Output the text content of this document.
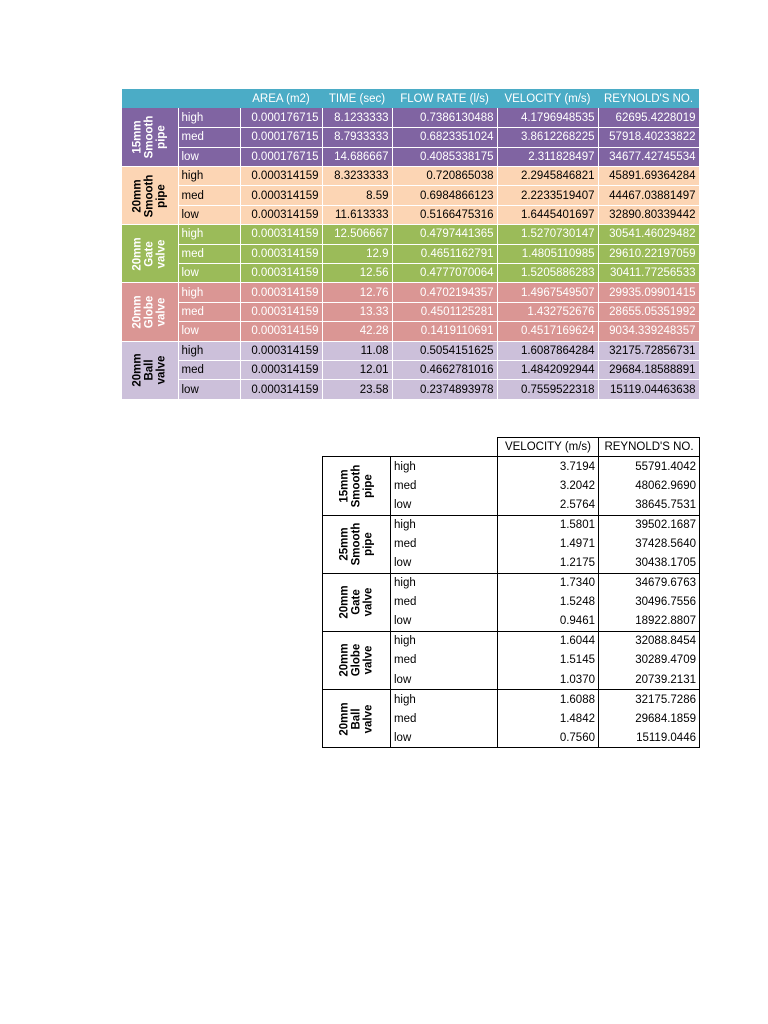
		AREA (m2)	TIME (sec)	FLOW RATE (l/s)	VELOCITY (m/s)	REYNOLD'S NO.
15mm
Smooth
pipe	high	0.000176715	8.1233333	0.7386130488	4.1796948535	62695.4228019
	med	0.000176715	8.7933333	0.6823351024	3.8612268225	57918.40233822
	low	0.000176715	14.686667	0.4085338175	2.311828497	34677.42745534
20mm
Smooth
pipe	high	0.000314159	8.3233333	0.720865038	2.2945846821	45891.69364284
	med	0.000314159	8.59	0.6984866123	2.2233519407	44467.03881497
	low	0.000314159	11.613333	0.5166475316	1.6445401697	32890.80339442
20mm
Gate
valve	high	0.000314159	12.506667	0.4797441365	1.5270730147	30541.46029482
	med	0.000314159	12.9	0.4651162791	1.4805110985	29610.22197059
	low	0.000314159	12.56	0.4777070064	1.5205886283	30411.77256533
20mm
Globe
valve	high	0.000314159	12.76	0.4702194357	1.4967549507	29935.09901415
	med	0.000314159	13.33	0.4501125281	1.432752676	28655.05351992
	low	0.000314159	42.28	0.1419110691	0.4517169624	9034.339248357
20mm
Ball
valve	high	0.000314159	11.08	0.5054151625	1.6087864284	32175.72856731
	med	0.000314159	12.01	0.4662781016	1.4842092944	29684.18588891
	low	0.000314159	23.58	0.2374893978	0.7559522318	15119.04463638
		VELOCITY (m/s)	REYNOLD'S NO.
15mm
Smooth
pipe	high	3.7194	55791.4042
	med	3.2042	48062.9690
	low	2.5764	38645.7531
25mm
Smooth
pipe	high	1.5801	39502.1687
	med	1.4971	37428.5640
	low	1.2175	30438.1705
20mm
Gate
valve	high	1.7340	34679.6763
	med	1.5248	30496.7556
	low	0.9461	18922.8807
20mm
Globe
valve	high	1.6044	32088.8454
	med	1.5145	30289.4709
	low	1.0370	20739.2131
20mm
Ball
valve	high	1.6088	32175.7286
	med	1.4842	29684.1859
	low	0.7560	15119.0446
